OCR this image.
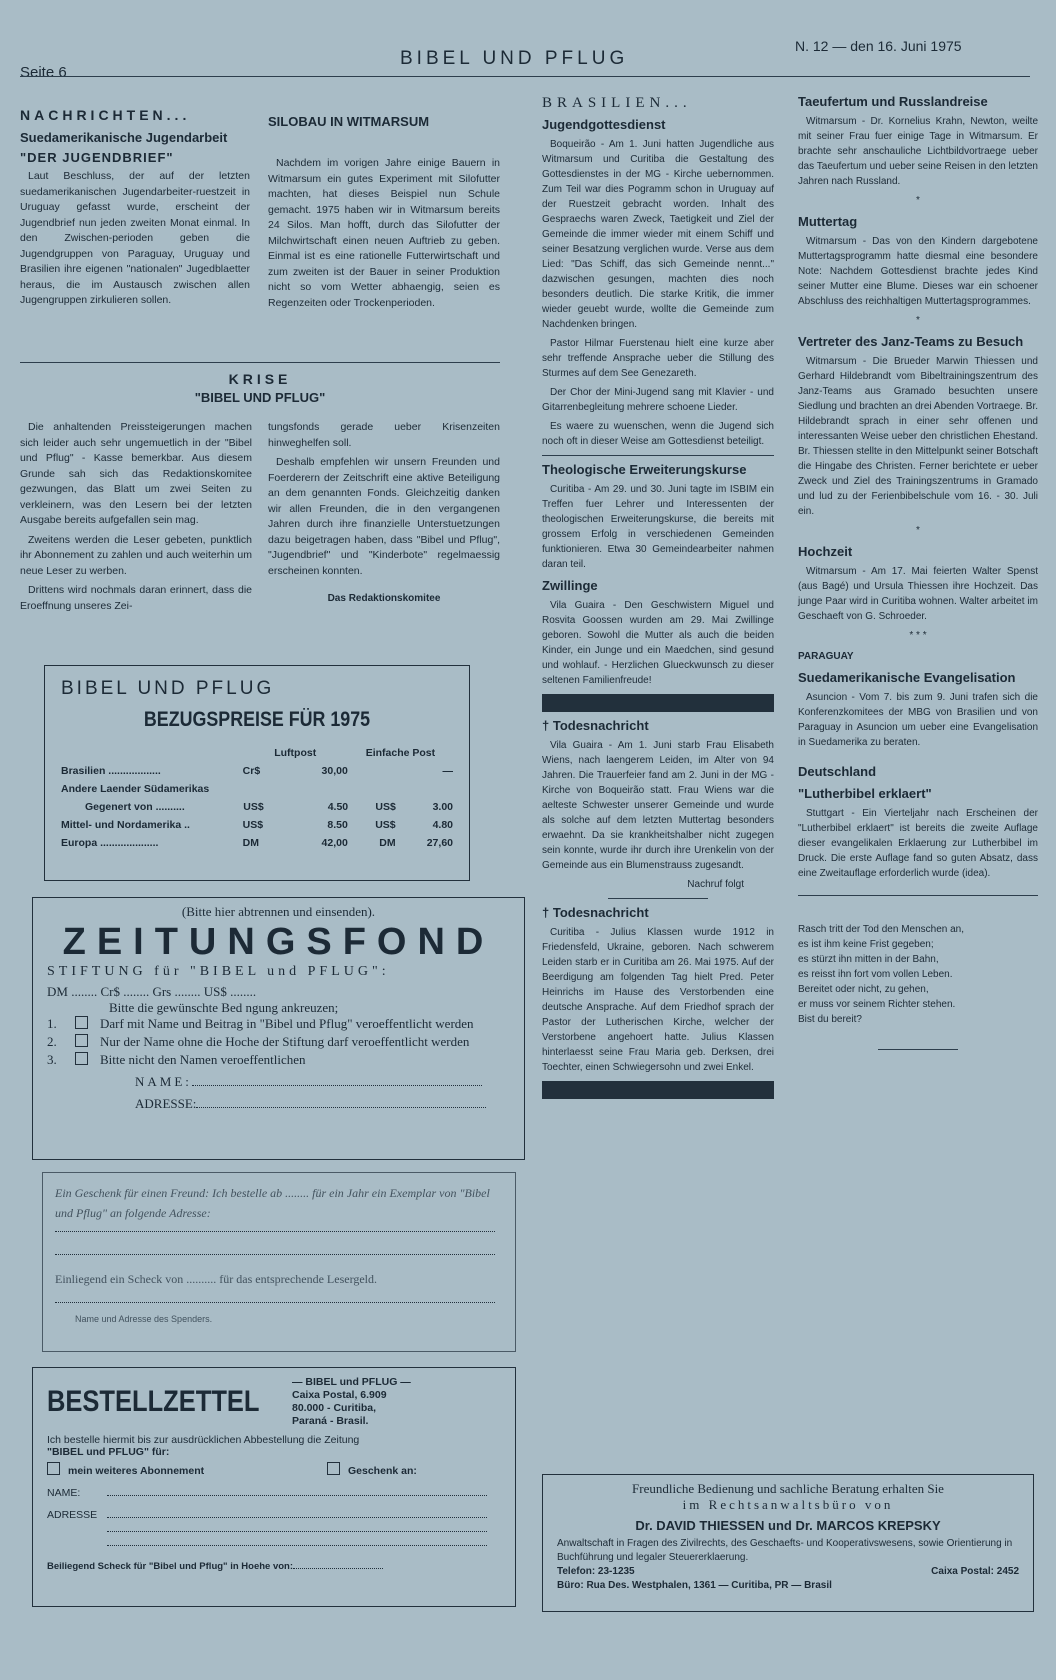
Seite 6
BIBEL UND PFLUG
N. 12 — den 16. Juni 1975
NACHRICHTEN...
Suedamerikanische Jugendarbeit
"DER JUGENDBRIEF"

Laut Beschluss, der auf der letzten suedamerikanischen Jugendarbeiter-ruestzeit in Uruguay gefasst wurde, erscheint der Jugendbrief nun jeden zweiten Monat einmal. In den Zwischen-perioden geben die Jugendgruppen von Paraguay, Uruguay und Brasilien ihre eigenen "nationalen" Jugedblaetter heraus, die im Austausch zwischen allen Jugengruppen zirkulieren sollen.

SILOBAU IN WITMARSUM

Nachdem im vorigen Jahre einige Bauern in Witmarsum ein gutes Experiment mit Silofutter machten, hat dieses Beispiel nun Schule gemacht. 1975 haben wir in Witmarsum bereits 24 Silos. Man hofft, durch das Silofutter der Milchwirtschaft einen neuen Auftrieb zu geben. Einmal ist es eine rationelle Futterwirtschaft und zum zweiten ist der Bauer in seiner Produktion nicht so vom Wetter abhaengig, seien es Regenzeiten oder Trockenperioden.

KRISE
"BIBEL UND PFLUG"

Die anhaltenden Preissteigerungen machen sich leider auch sehr ungemuetlich in der "Bibel und Pflug" - Kasse bemerkbar. Aus diesem Grunde sah sich das Redaktionskomitee gezwungen, das Blatt um zwei Seiten zu verkleinern, was den Lesern bei der letzten Ausgabe bereits aufgefallen sein mag.

Zweitens werden die Leser gebeten, punktlich ihr Abonnement zu zahlen und auch weiterhin um neue Leser zu werben.

Drittens wird nochmals daran erinnert, dass die Eroeffnung unseres Zei-

tungsfonds gerade ueber Krisenzeiten hinweghelfen soll.

Deshalb empfehlen wir unsern Freunden und Foerderern der Zeitschrift eine aktive Beteiligung an dem genannten Fonds. Gleichzeitig danken wir allen Freunden, die in den vergangenen Jahren durch ihre finanzielle Unterstuetzungen dazu beigetragen haben, dass "Bibel und Pflug", "Jugendbrief" und "Kinderbote" regelmaessig erscheinen konnten.

Das Redaktionskomitee
BIBEL UND PFLUG
BEZUGSPREISE FÜR 1975
Luftpost	Einfache Post
Brasilien ..................	Cr$	30,00	—
Andere Laender Südamerikas
Gegenert von ..........	US$	4.50	US$	3.00
Mittel- und Nordamerika ..	US$	8.50	US$	4.80
Europa ....................	DM	42,00	DM	27,60
(Bitte hier abtrennen und einsenden).
ZEITUNGSFOND
STIFTUNG für "BIBEL und PFLUG":
DM ........ Cr$ ........ Grs ........ US$ ........
Bitte die gewünschte Bed ngung ankreuzen;
1.	Darf mit Name und Beitrag in "Bibel und Pflug" veroeffentlicht werden
2.	Nur der Name ohne die Hoche der Stiftung darf veroeffentlicht werden
3.	Bitte nicht den Namen veroeffentlichen
NAME:
ADRESSE:
Ein Geschenk für einen Freund: Ich bestelle ab ........ für ein Jahr ein Exemplar von "Bibel und Pflug" an folgende Adresse:

Einliegend ein Scheck von .......... für das entsprechende Lesergeld.
Name und Adresse des Spenders.
BESTELLZETTEL
— BIBEL und PFLUG —
Caixa Postal, 6.909
80.000 - Curitiba,
Paraná - Brasil.
Ich bestelle hiermit bis zur ausdrücklichen Abbestellung die Zeitung
"BIBEL und PFLUG" für:
mein weiteres Abonnement	Geschenk an:
NAME:
ADRESSE

Beiliegend Scheck für "Bibel und Pflug" in Hoehe von:
BRASILIEN...
Jugendgottesdienst

Boqueirão - Am 1. Juni hatten Jugendliche aus Witmarsum und Curitiba die Gestaltung des Gottesdienstes in der MG - Kirche uebernommen. Zum Teil war dies Pogramm schon in Uruguay auf der Ruestzeit gebracht worden. Inhalt des Gespraechs waren Zweck, Taetigkeit und Ziel der Gemeinde die immer wieder mit einem Schiff und seiner Besatzung verglichen wurde. Verse aus dem Lied: "Das Schiff, das sich Gemeinde nennt..." dazwischen gesungen, machten dies noch besonders deutlich. Die starke Kritik, die immer wieder geuebt wurde, wollte die Gemeinde zum Nachdenken bringen.

Pastor Hilmar Fuerstenau hielt eine kurze aber sehr treffende Ansprache ueber die Stillung des Sturmes auf dem See Genezareth.

Der Chor der Mini-Jugend sang mit Klavier - und Gitarrenbegleitung mehrere schoene Lieder.

Es waere zu wuenschen, wenn die Jugend sich noch oft in dieser Weise am Gottesdienst beteiligt.

Theologische Erweiterungskurse

Curitiba - Am 29. und 30. Juni tagte im ISBIM ein Treffen fuer Lehrer und Interessenten der theologischen Erweiterungskurse, die bereits mit grossem Erfolg in verschiedenen Gemeinden funktionieren. Etwa 30 Gemeindearbeiter nahmen daran teil.

Zwillinge

Vila Guaira - Den Geschwistern Miguel und Rosvita Goossen wurden am 29. Mai Zwillinge geboren. Sowohl die Mutter als auch die beiden Kinder, ein Junge und ein Maedchen, sind gesund und wohlauf. - Herzlichen Glueckwunsch zu dieser seltenen Familienfreude!

† Todesnachricht

Vila Guaira - Am 1. Juni starb Frau Elisabeth Wiens, nach laengerem Leiden, im Alter von 94 Jahren. Die Trauerfeier fand am 2. Juni in der MG - Kirche von Boqueirão statt. Frau Wiens war die aelteste Schwester unserer Gemeinde und wurde als solche auf dem letzten Muttertag besonders erwaehnt. Da sie krankheitshalber nicht zugegen sein konnte, wurde ihr durch ihre Urenkelin von der Gemeinde aus ein Blumenstrauss zugesandt.

Nachruf folgt
† Todesnachricht

Curitiba - Julius Klassen wurde 1912 in Friedensfeld, Ukraine, geboren. Nach schwerem Leiden starb er in Curitiba am 26. Mai 1975. Auf der Beerdigung am folgenden Tag hielt Pred. Peter Heinrichs im Hause des Verstorbenden eine deutsche Ansprache. Auf dem Friedhof sprach der Pastor der Lutherischen Kirche, welcher der Verstorbene angehoert hatte. Julius Klassen hinterlaesst seine Frau Maria geb. Derksen, drei Toechter, einen Schwiegersohn und zwei Enkel.

Taeufertum und Russlandreise

Witmarsum - Dr. Kornelius Krahn, Newton, weilte mit seiner Frau fuer einige Tage in Witmarsum. Er brachte sehr anschauliche Lichtbildvortraege ueber das Taeufertum und ueber seine Reisen in den letzten Jahren nach Russland.

*
Muttertag

Witmarsum - Das von den Kindern dargebotene Muttertagsprogramm hatte diesmal eine besondere Note: Nachdem Gottesdienst brachte jedes Kind seiner Mutter eine Blume. Dieses war ein schoener Abschluss des reichhaltigen Muttertagsprogrammes.

*
Vertreter des Janz-Teams zu Besuch

Witmarsum - Die Brueder Marwin Thiessen und Gerhard Hildebrandt vom Bibeltrainingszentrum des Janz-Teams aus Gramado besuchten unsere Siedlung und brachten an drei Abenden Vortraege. Br. Hildebrandt sprach in einer sehr offenen und interessanten Weise ueber den christlichen Ehestand. Br. Thiessen stellte in den Mittelpunkt seiner Botschaft die Hingabe des Christen. Ferner berichtete er ueber Zweck und Ziel des Trainingszentrums in Gramado und lud zu der Ferienbibelschule vom 16. - 30. Juli ein.

*
Hochzeit

Witmarsum - Am 17. Mai feierten Walter Spenst (aus Bagé) und Ursula Thiessen ihre Hochzeit. Das junge Paar wird in Curitiba wohnen. Walter arbeitet im Geschaeft von G. Schroeder.

* * *
PARAGUAY
Suedamerikanische Evangelisation

Asuncion - Vom 7. bis zum 9. Juni trafen sich die Konferenzkomitees der MBG von Brasilien und von Paraguay in Asuncion um ueber eine Evangelisation in Suedamerika zu beraten.

Deutschland
"Lutherbibel erklaert"

Stuttgart - Ein Vierteljahr nach Erscheinen der "Lutherbibel erklaert" ist bereits die zweite Auflage dieser evangelikalen Erklaerung zur Lutherbibel im Druck. Die erste Auflage fand so guten Absatz, dass eine Zweitauflage erforderlich wurde (idea).

Rasch tritt der Tod den Menschen an,
es ist ihm keine Frist gegeben;
es stürzt ihn mitten in der Bahn,
es reisst ihn fort vom vollen Leben.
Bereitet oder nicht, zu gehen,
er muss vor seinem Richter stehen.
Bist du bereit?
Freundliche Bedienung und sachliche Beratung erhalten Sie
im Rechtsanwaltsbüro von
Dr. DAVID THIESSEN und Dr. MARCOS KREPSKY
Anwaltschaft in Fragen des Zivilrechts, des Geschaefts- und Kooperativswesens, sowie Orientierung in Buchführung und legaler Steuererklaerung.
Telefon: 23-1235	Caixa Postal: 2452
Büro: Rua Des. Westphalen, 1361 — Curitiba, PR — Brasil
